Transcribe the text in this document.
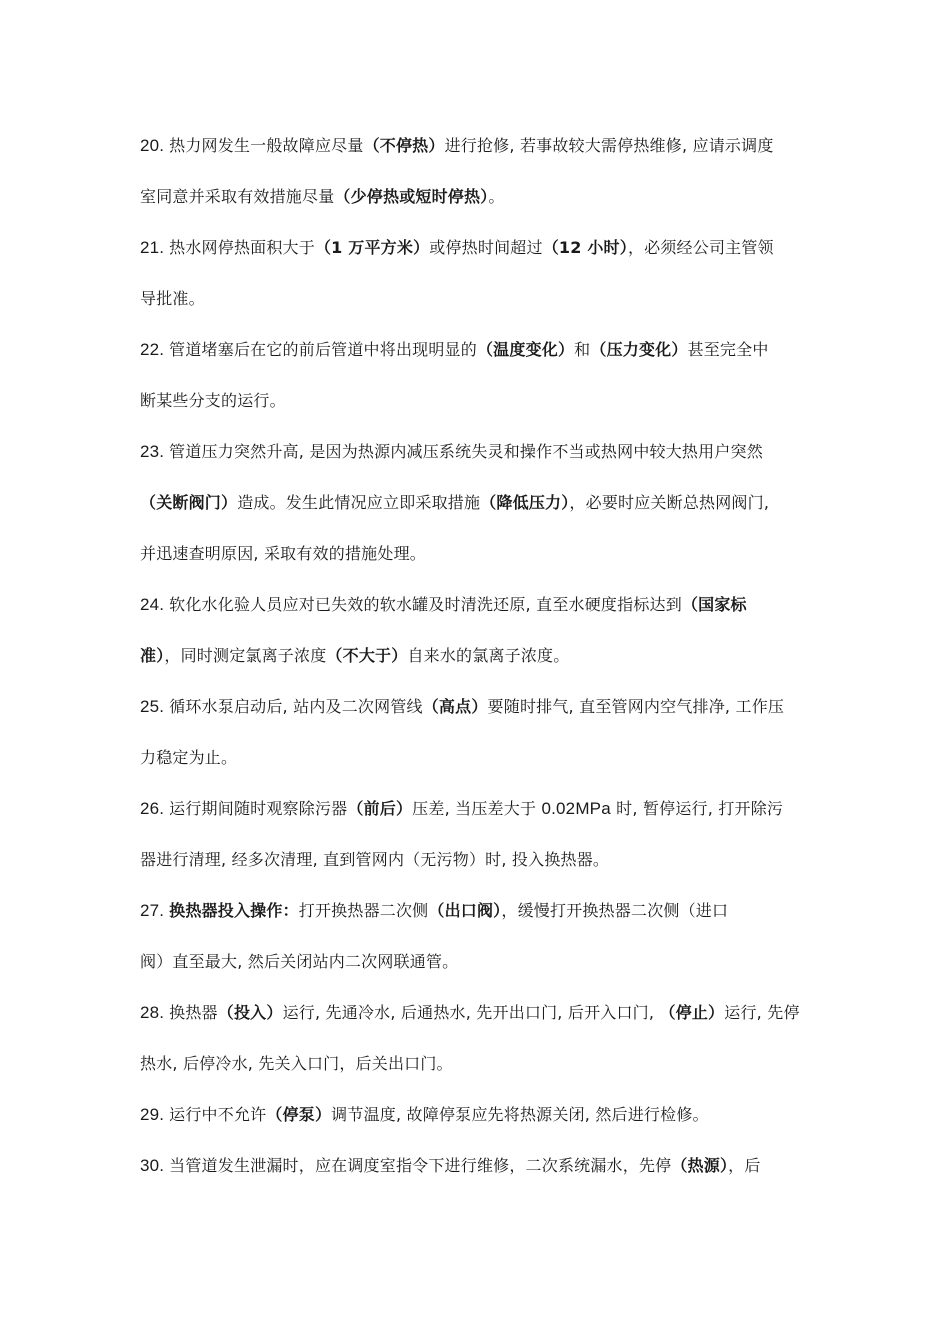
20. 热力网发生一般故障应尽量（不停热）进行抢修, 若事故较大需停热维修, 应请示调度
室同意并采取有效措施尽量（少停热或短时停热）。
21. 热水网停热面积大于（1 万平方米）或停热时间超过（12 小时），必须经公司主管领
导批准。
22. 管道堵塞后在它的前后管道中将出现明显的（温度变化）和（压力变化）甚至完全中
断某些分支的运行。
23. 管道压力突然升高, 是因为热源内减压系统失灵和操作不当或热网中较大热用户突然
（关断阀门）造成。发生此情况应立即采取措施（降低压力），必要时应关断总热网阀门,
并迅速查明原因, 采取有效的措施处理。
24. 软化水化验人员应对已失效的软水罐及时清洗还原, 直至水硬度指标达到（国家标
准），同时测定氯离子浓度（不大于）自来水的氯离子浓度。
25. 循环水泵启动后, 站内及二次网管线（高点）要随时排气, 直至管网内空气排净, 工作压
力稳定为止。
26. 运行期间随时观察除污器（前后）压差, 当压差大于 0.02MPa 时, 暂停运行, 打开除污
器进行清理, 经多次清理, 直到管网内（无污物）时, 投入换热器。
27. 换热器投入操作：打开换热器二次侧（出口阀），缓慢打开换热器二次侧（进口
阀）直至最大, 然后关闭站内二次网联通管。
28. 换热器（投入）运行, 先通冷水, 后通热水, 先开出口门, 后开入口门, （停止）运行, 先停
热水, 后停冷水, 先关入口门，后关出口门。
29. 运行中不允许（停泵）调节温度, 故障停泵应先将热源关闭, 然后进行检修。
30. 当管道发生泄漏时，应在调度室指令下进行维修，二次系统漏水，先停（热源），后
